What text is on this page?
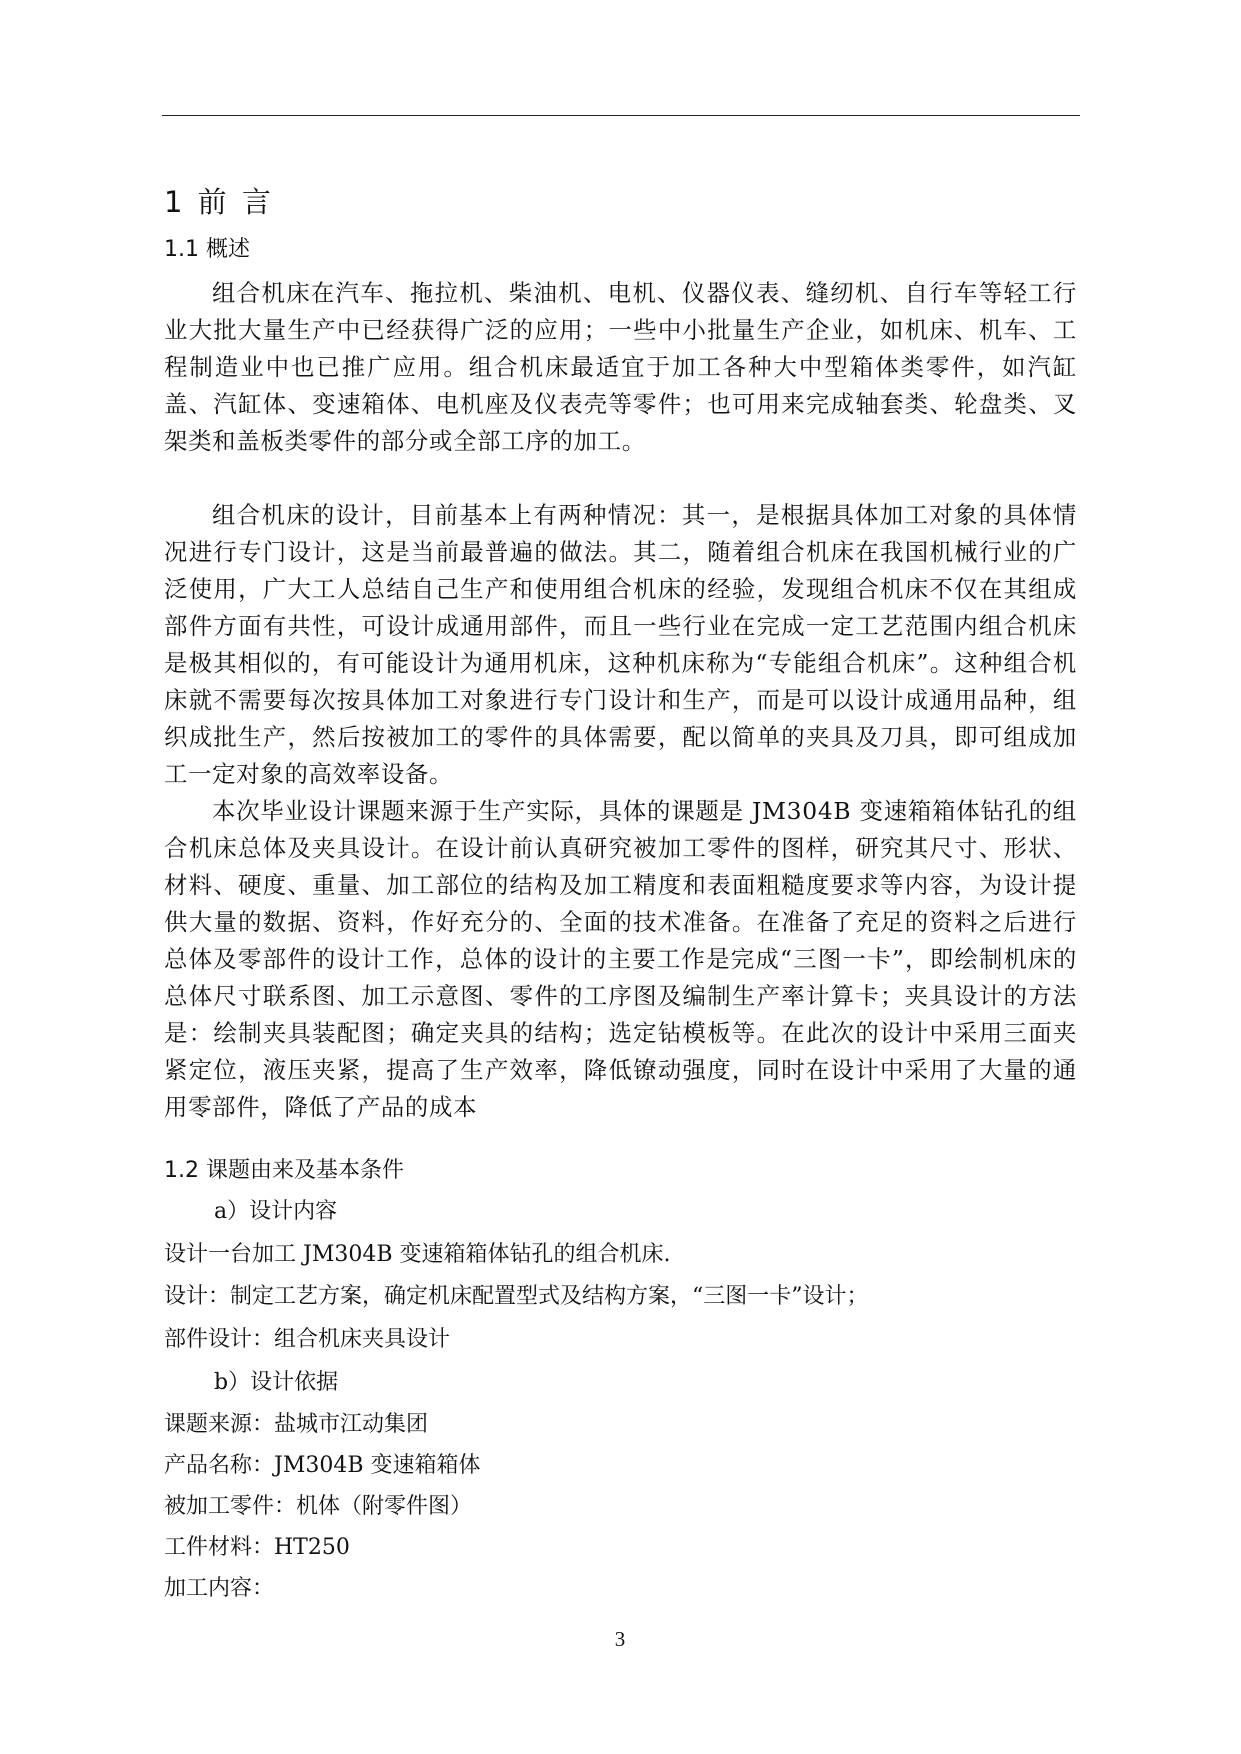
1 前 言
1.1 概述

组合机床在汽车、拖拉机、柴油机、电机、仪器仪表、缝纫机、自行车等轻工行业大批大量生产中已经获得广泛的应用；一些中小批量生产企业，如机床、机车、工程制造业中也已推广应用。组合机床最适宜于加工各种大中型箱体类零件，如汽缸盖、汽缸体、变速箱体、电机座及仪表壳等零件；也可用来完成轴套类、轮盘类、叉架类和盖板类零件的部分或全部工序的加工。

组合机床的设计，目前基本上有两种情况：其一，是根据具体加工对象的具体情况进行专门设计，这是当前最普遍的做法。其二，随着组合机床在我国机械行业的广泛使用，广大工人总结自己生产和使用组合机床的经验，发现组合机床不仅在其组成部件方面有共性，可设计成通用部件，而且一些行业在完成一定工艺范围内组合机床是极其相似的，有可能设计为通用机床，这种机床称为“专能组合机床”。这种组合机床就不需要每次按具体加工对象进行专门设计和生产，而是可以设计成通用品种，组织成批生产，然后按被加工的零件的具体需要，配以简单的夹具及刀具，即可组成加工一定对象的高效率设备。

本次毕业设计课题来源于生产实际，具体的课题是 JM304B 变速箱箱体钻孔的组合机床总体及夹具设计。在设计前认真研究被加工零件的图样，研究其尺寸、形状、材料、硬度、重量、加工部位的结构及加工精度和表面粗糙度要求等内容，为设计提供大量的数据、资料，作好充分的、全面的技术准备。在准备了充足的资料之后进行总体及零部件的设计工作，总体的设计的主要工作是完成“三图一卡”，即绘制机床的总体尺寸联系图、加工示意图、零件的工序图及编制生产率计算卡；夹具设计的方法是：绘制夹具装配图；确定夹具的结构；选定钻模板等。在此次的设计中采用三面夹紧定位，液压夹紧，提高了生产效率，降低镣动强度，同时在设计中采用了大量的通用零部件，降低了产品的成本

1.2 课题由来及基本条件
a）设计内容
设计一台加工 JM304B 变速箱箱体钻孔的组合机床.
设计：制定工艺方案，确定机床配置型式及结构方案，“三图一卡”设计；
部件设计：组合机床夹具设计
b）设计依据
课题来源：盐城市江动集团
产品名称：JM304B 变速箱箱体
被加工零件：机体（附零件图）
工件材料：HT250
加工内容：
3
